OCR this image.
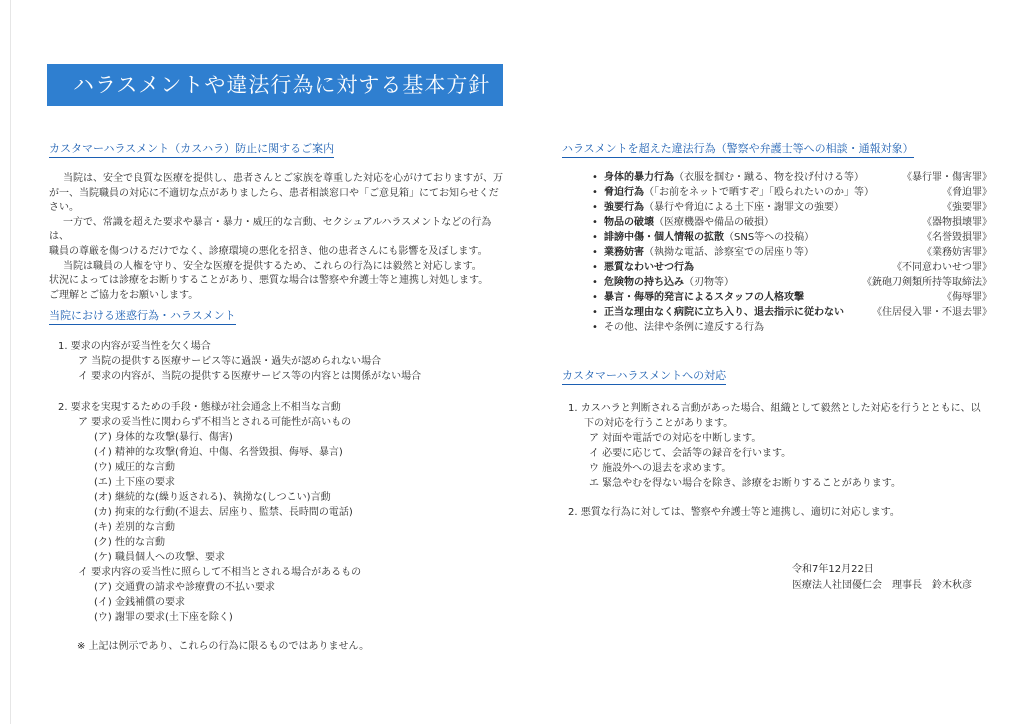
ハラスメントや違法行為に対する基本方針
カスタマーハラスメント（カスハラ）防止に関するご案内

当院は、安全で良質な医療を提供し、患者さんとご家族を尊重した対応を心がけておりますが、万

が一、当院職員の対応に不適切な点がありましたら、患者相談窓口や「ご意見箱」にてお知らせくだ

さい。

一方で、常識を超えた要求や暴言・暴力・威圧的な言動、セクシュアルハラスメントなどの行為は、

職員の尊厳を傷つけるだけでなく、診療環境の悪化を招き、他の患者さんにも影響を及ぼします。

当院は職員の人権を守り、安全な医療を提供するため、これらの行為には毅然と対応します。

状況によっては診療をお断りすることがあり、悪質な場合は警察や弁護士等と連携し対処します。

ご理解とご協力をお願いします。

当院における迷惑行為・ハラスメント
1. 要求の内容が妥当性を欠く場合
ア 当院の提供する医療サービス等に過誤・過失が認められない場合
イ 要求の内容が、当院の提供する医療サービス等の内容とは関係がない場合
2. 要求を実現するための手段・態様が社会通念上不相当な言動
ア 要求の妥当性に関わらず不相当とされる可能性が高いもの
(ア) 身体的な攻撃(暴行、傷害)
(イ) 精神的な攻撃(脅迫、中傷、名誉毀損、侮辱、暴言)
(ウ) 威圧的な言動
(エ) 土下座の要求
(オ) 継続的な(繰り返される)、執拗な(しつこい)言動
(カ) 拘束的な行動(不退去、居座り、監禁、長時間の電話)
(キ) 差別的な言動
(ク) 性的な言動
(ケ) 職員個人への攻撃、要求
イ 要求内容の妥当性に照らして不相当とされる場合があるもの
(ア) 交通費の請求や診療費の不払い要求
(イ) 金銭補償の要求
(ウ) 謝罪の要求(土下座を除く)
※ 上記は例示であり、これらの行為に限るものではありません。
ハラスメントを超えた違法行為（警察や弁護士等への相談・通報対象）
• 身体的暴力行為（衣服を掴む・蹴る、物を投げ付ける等）	《暴行罪・傷害罪》
• 脅迫行為（「お前をネットで晒すぞ」「殴られたいのか」等）	《脅迫罪》
• 強要行為（暴行や脅迫による土下座・謝罪文の強要）	《強要罪》
• 物品の破壊（医療機器や備品の破損）	《器物損壊罪》
• 誹謗中傷・個人情報の拡散（SNS等への投稿）	《名誉毀損罪》
• 業務妨害（執拗な電話、診察室での居座り等）	《業務妨害罪》
• 悪質なわいせつ行為	《不同意わいせつ罪》
• 危険物の持ち込み（刃物等）	《銃砲刀剣類所持等取締法》
• 暴言・侮辱的発言によるスタッフの人格攻撃	《侮辱罪》
• 正当な理由なく病院に立ち入り、退去指示に従わない	《住居侵入罪・不退去罪》
• その他、法律や条例に違反する行為
カスタマーハラスメントへの対応
1. カスハラと判断される言動があった場合、組織として毅然とした対応を行うとともに、以
下の対応を行うことがあります。
ア 対面や電話での対応を中断します。
イ 必要に応じて、会話等の録音を行います。
ウ 施設外への退去を求めます。
エ 緊急やむを得ない場合を除き、診療をお断りすることがあります。
2. 悪質な行為に対しては、警察や弁護士等と連携し、適切に対応します。
令和7年12月22日
医療法人社団優仁会　理事長　鈴木秋彦
